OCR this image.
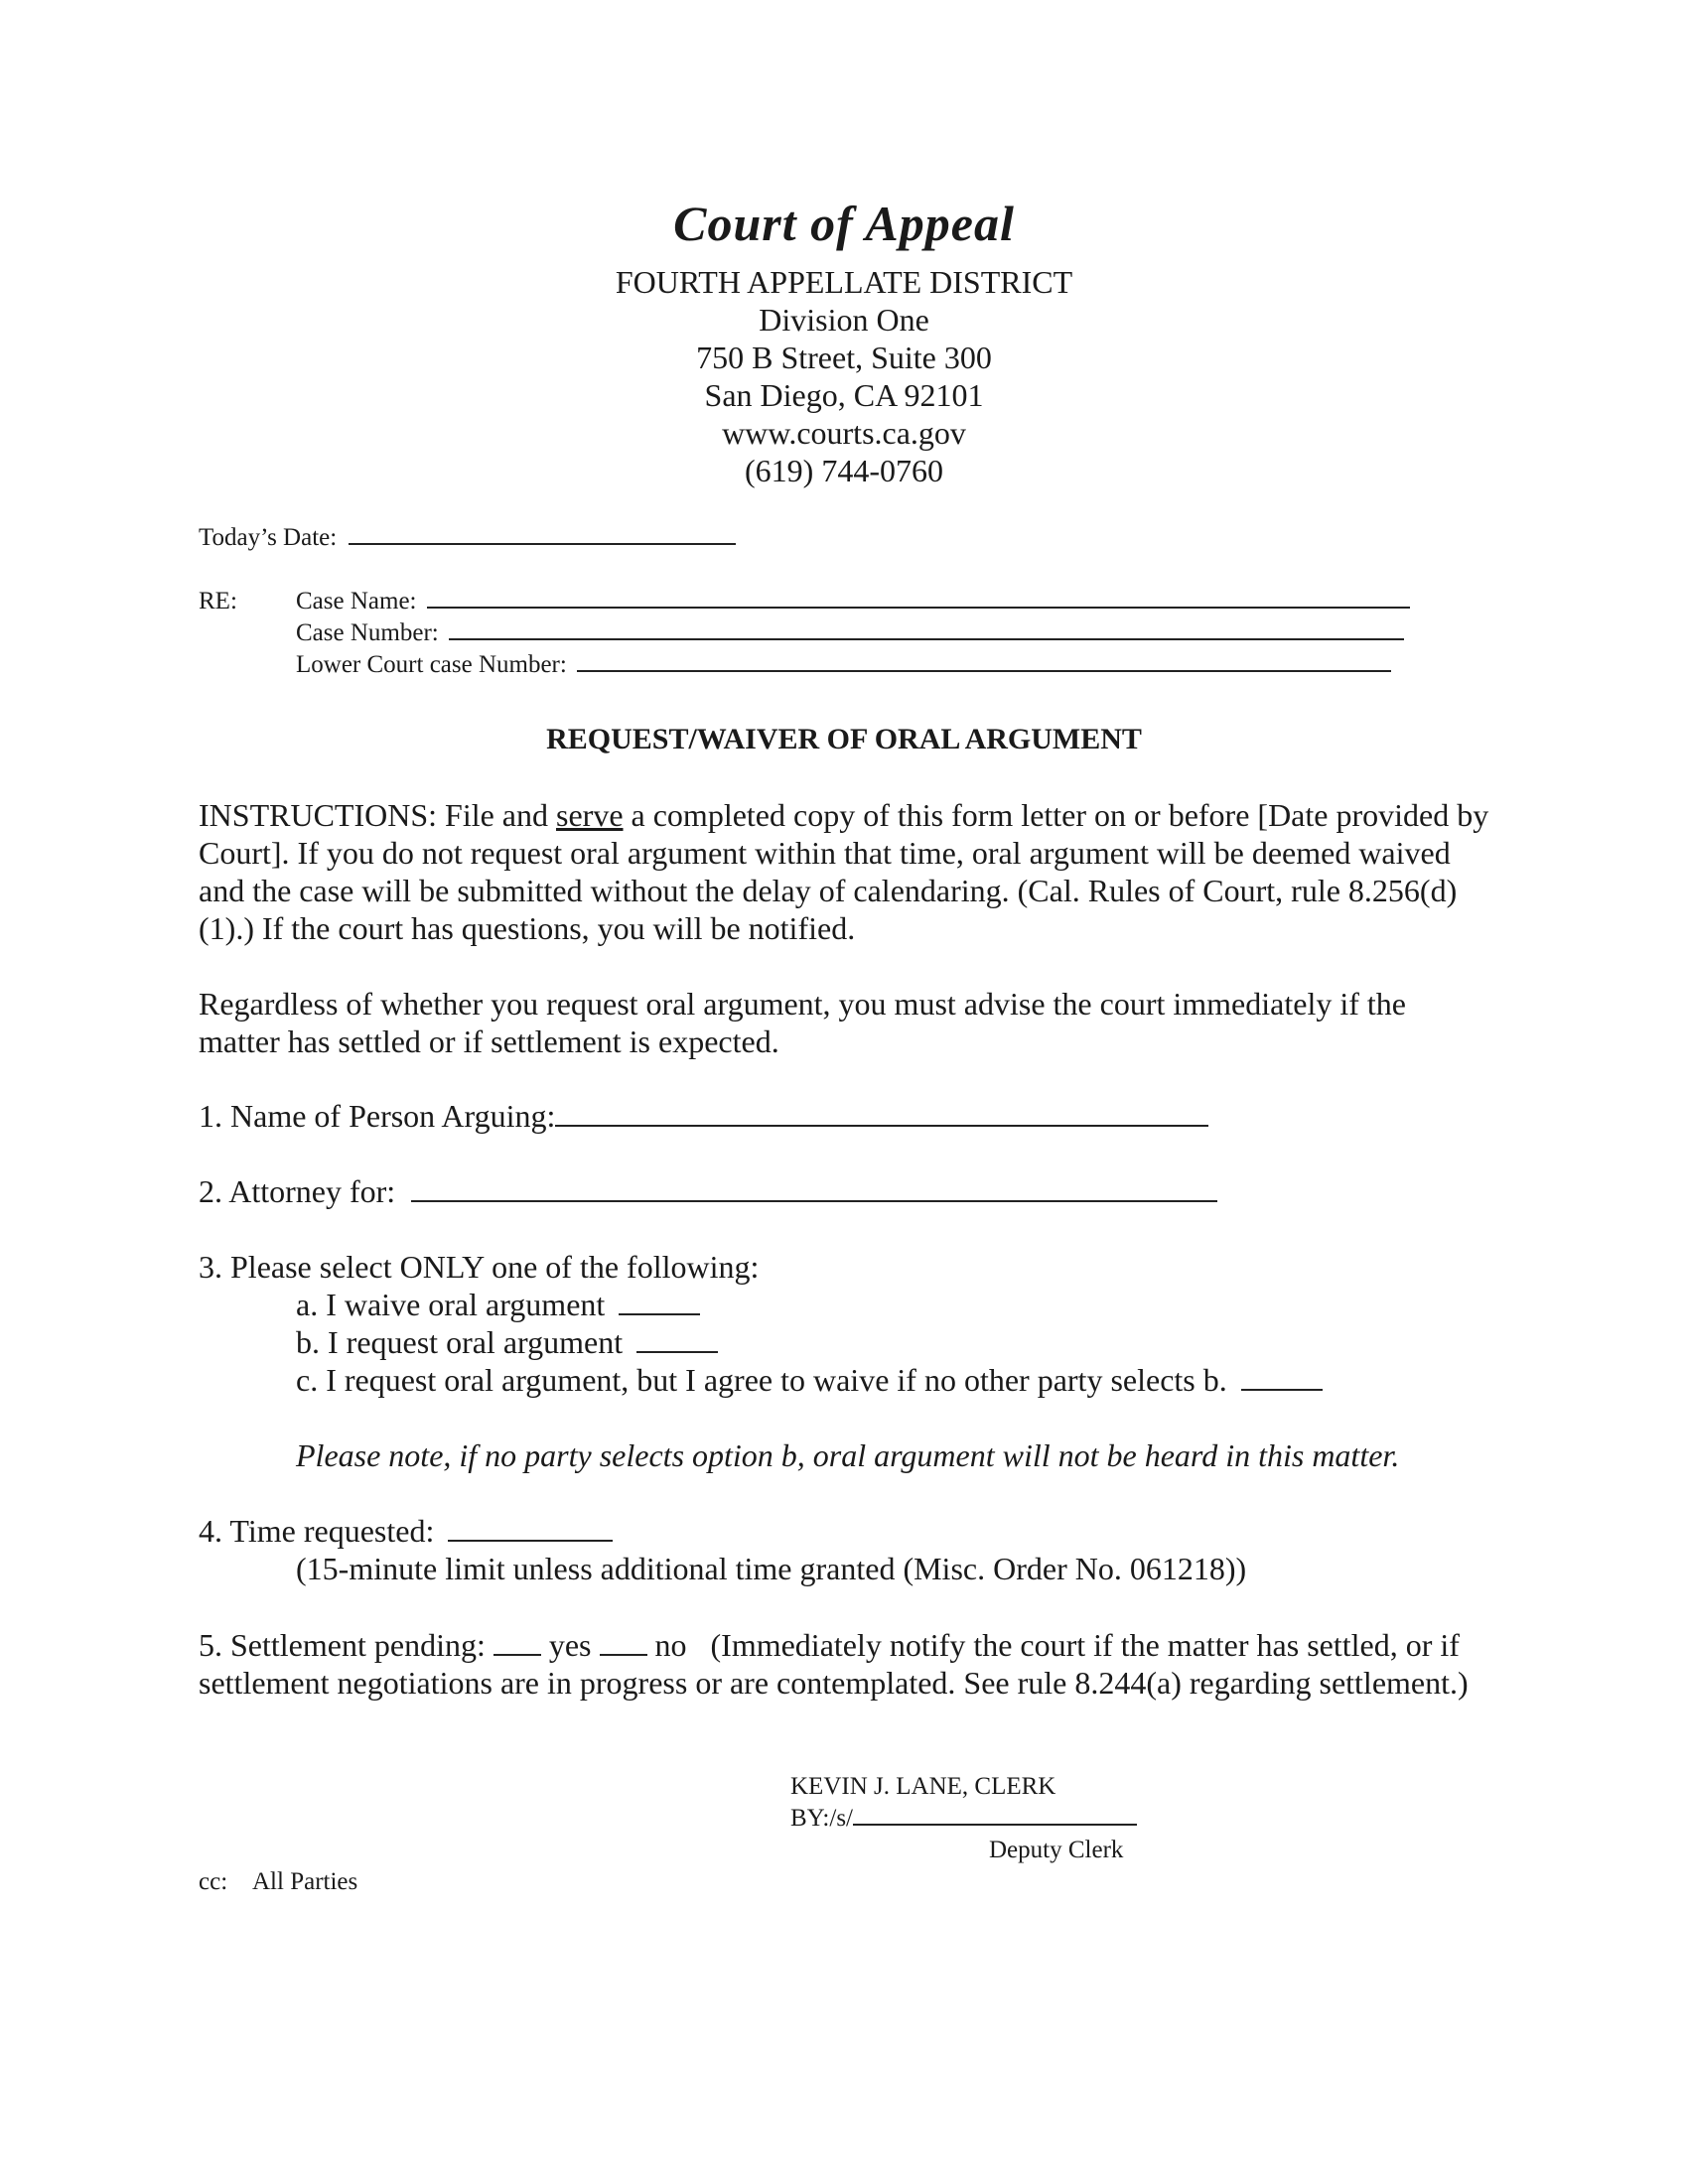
Court of Appeal
FOURTH APPELLATE DISTRICT
Division One
750 B Street, Suite 300
San Diego, CA 92101
www.courts.ca.gov
(619) 744-0760
Today’s Date:
RE: Case Name:
Case Number:
Lower Court case Number:
REQUEST/WAIVER OF ORAL ARGUMENT
INSTRUCTIONS: File and serve a completed copy of this form letter on or before [Date provided by Court]. If you do not request oral argument within that time, oral argument will be deemed waived and the case will be submitted without the delay of calendaring. (Cal. Rules of Court, rule 8.256(d)(1).) If the court has questions, you will be notified.
Regardless of whether you request oral argument, you must advise the court immediately if the matter has settled or if settlement is expected.
1. Name of Person Arguing:
2. Attorney for:
3. Please select ONLY one of the following:
a. I waive oral argument
b. I request oral argument
c. I request oral argument, but I agree to waive if no other party selects b.
Please note, if no party selects option b, oral argument will not be heard in this matter.
4. Time requested:
(15-minute limit unless additional time granted (Misc. Order No. 061218))
5. Settlement pending: yes no (Immediately notify the court if the matter has settled, or if settlement negotiations are in progress or are contemplated. See rule 8.244(a) regarding settlement.)
KEVIN J. LANE, CLERK
BY:/s/
Deputy Clerk
cc: All Parties
